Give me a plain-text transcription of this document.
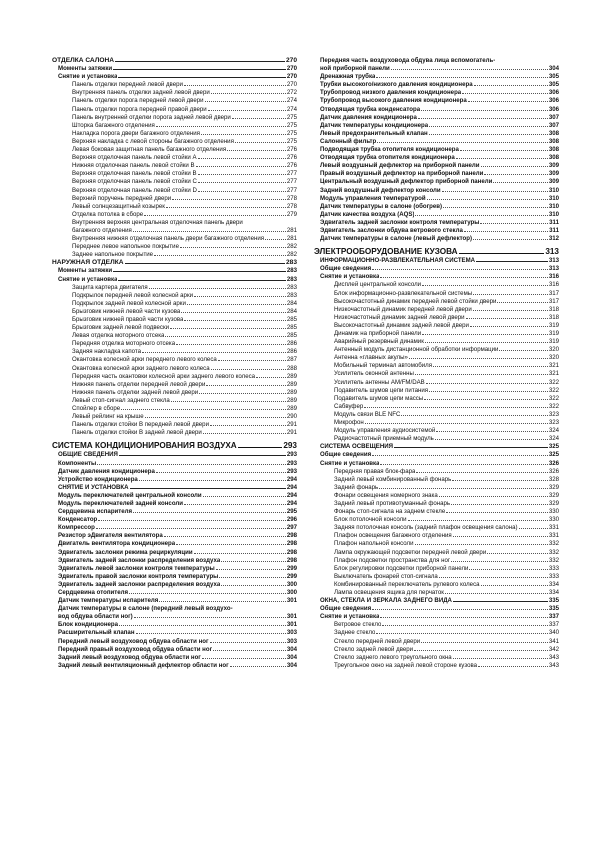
ОТДЕЛКА САЛОНА	270
Моменты затяжки	270
Снятие и установка	270
Панель отделки передней левой двери	270
Внутренняя панель отделки задней левой двери	272
Панель отделки порога передней левой двери	274
Панель отделки порога передней правой двери	274
Панель внутренней отделки порога задней левой двери	275
Шторка багажного отделения	275
Накладка порога двери багажного отделения	275
Верхняя накладка с левой стороны багажного отделения	275
Левая боковая защитная панель багажного отделения	276
Верхняя отделочная панель левой стойки А	276
Нижняя отделочная панель левой стойки В	276
Верхняя отделочная панель левой стойки В	277
Верхняя отделочная панель левой стойки С	277
Верхняя отделочная панель левой стойки D	277
Верхний поручень передней двери	278
Левый солнцезащитный козырек	278
Отделка потолка в сборе	279
Внутренняя верхняя центральная отделочная панель двери
багажного отделения	281
Внутренняя нижняя отделочная панель двери багажного отделения	281
Переднее левое напольное покрытие	282
Заднее напольное покрытие	282
НАРУЖНАЯ ОТДЕЛКА	283
Моменты затяжки	283
Снятие и установка	283
Защита картера двигателя	283
Подкрылок передней левой колесной арки	283
Подкрылок задней левой колесной арки	284
Брызговик нижней левой части кузова	284
Брызговик нижней правой части кузова	285
Брызговик задней левой подвески	285
Левая отделка моторного отсека	285
Передняя отделка моторного отсека	286
Задняя накладка капота	286
Окантовка колесной арки переднего левого колеса	287
Окантовка колесной арки заднего левого колеса	288
Передняя часть окантовки колесной арки заднего левого колеса	289
Нижняя панель отделки передней левой двери	289
Нижняя панель отделки задней левой двери	289
Левый стоп-сигнал заднего стекла	289
Спойлер в сборе	289
Левый рейлинг на крыше	290
Панель отделки стойки В передней левой двери	291
Панель отделки стойки В задней левой двери	291
СИСТЕМА КОНДИЦИОНИРОВАНИЯ ВОЗДУХА	293
ОБЩИЕ СВЕДЕНИЯ	293
Компоненты	293
Датчик давления кондиционера	293
Устройство кондиционера	294
СНЯТИЕ И УСТАНОВКА	294
Модуль переключателей центральной консоли	294
Модуль переключателей задней консоли	294
Сердцевина испарителя	295
Конденсатор	296
Компрессор	297
Резистор эДвигателя вентилятора	298
Двигатель вентилятора кондиционера	298
Эдвигатель заслонки режима рециркуляции	298
Эдвигатель задней заслонки распределения воздуха	298
Эдвигатель левой заслонки контроля температуры	299
Эдвигатель правой заслонки контроля температуры	299
Эдвигатель задней заслонки распределения воздуха	300
Сердцевина отопителя	300
Датчик температуры испарителя	301
Датчик температуры в салоне (передний левый воздухо-
вод обдува области ног)	301
Блок кондиционера	301
Расширительный клапан	303
Передний левый воздуховод обдува области ног	303
Передний правый воздуховод обдува области ног	304
Задний левый воздуховод обдува области ног	304
Задний левый вентиляционный дефлектор области ног	304
Передняя часть воздуховода обдува лица вспомогатель-
ной приборной панели	304
Дренажная трубка	305
Трубки высокого/низкого давления кондиционера	305
Трубопровод низкого давления кондиционера	306
Трубопровод высокого давления кондиционера	306
Отводящая трубка конденсатора	306
Датчик давления кондиционера	307
Датчик температуры кондиционера	307
Левый предохранительный клапан	308
Салонный фильтр	308
Подводящая трубка отопителя кондиционера	308
Отводящая трубка отопителя кондиционера	308
Левый воздушный дефлектор на приборной панели	309
Правый воздушный дефлектор на приборной панели	309
Центральный воздушный дефлектор приборной панели	309
Задний воздушный дефлектор консоли	310
Модуль управления температурой	310
Датчик температуры в салоне (обогрев)	310
Датчик качества воздуха (AQS)	310
Эдвигатель задней заслонки контроля температуры	311
Эдвигатель заслонки обдува ветрового стекла	311
Датчик температуры в салоне (левый дефлектор)	312
ЭЛЕКТРООБОРУДОВАНИЕ КУЗОВА	313
ИНФОРМАЦИОННО-РАЗВЛЕКАТЕЛЬНАЯ СИСТЕМА	313
Общие сведения	313
Снятие и установка	316
Дисплей центральной консоли	316
Блок информационно-развлекательной системы	317
Высокочастотный динамик передней левой стойки двери	317
Низкочастотный динамик передней левой двери	318
Низкочастотный динамик задней левой двери	318
Высокочастотный динамик задней левой двери	319
Динамик на приборной панели	319
Аварийный резервный динамик	319
Антенный модуль дистанционной обработки информации	320
Антенна «главных акулы»	320
Мобильный терминал автомобиля	321
Усилитель оконной антенны	321
Усилитель антенны AM/FM/DAB	322
Подавитель шумов цепи питания	322
Подавитель шумов цепи массы	322
Сабвуфер	322
Модуль связи BLE NFC	323
Микрофон	323
Модуль управления аудиосистемой	324
Радиочастотный приемный модуль	324
СИСТЕМА ОСВЕЩЕНИЯ	325
Общие сведения	325
Снятие и установка	326
Передняя правая блок-фара	326
Задний левый комбинированный фонарь	328
Задний фонарь	329
Фонари освещения номерного знака	329
Задний левый противотуманный фонарь	329
Фонарь стоп-сигнала на заднем стекле	330
Блок потолочной консоли	330
Задняя потолочная консоль (задний плафон освещения салона)	331
Плафон освещения багажного отделения	331
Плафон напольной консоли	332
Лампа окружающей подсветки передней левой двери	332
Плафон подсветки пространства для ног	332
Блок регулировки подсветки приборной панели	333
Выключатель фонарей стоп-сигнала	333
Комбинированный переключатель рулевого колеса	334
Лампа освещения ящика для перчаток	334
ОКНА, СТЕКЛА И ЗЕРКАЛА ЗАДНЕГО ВИДА	335
Общие сведения	335
Снятие и установка	337
Ветровое стекло	337
Заднее стекло	340
Стекло передней левой двери	341
Стекло задней левой двери	342
Стекло заднего левого треугольного окна	343
Треугольное окно на задней левой стороне кузова	343
